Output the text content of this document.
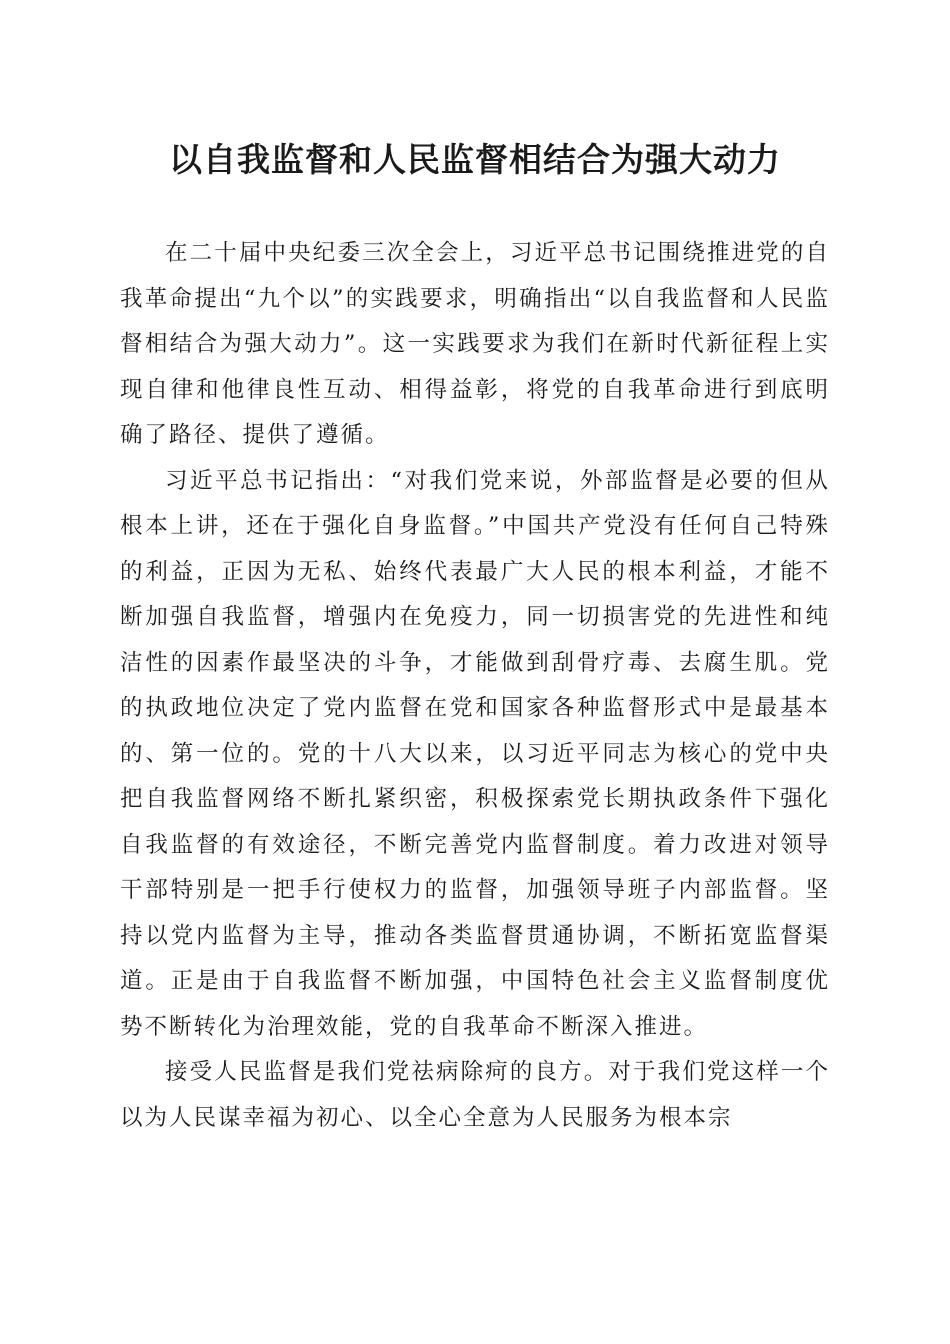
以自我监督和人民监督相结合为强大动力

在二十届中央纪委三次全会上，习近平总书记围绕推进党的自我革命提出“九个以”的实践要求，明确指出“以自我监督和人民监督相结合为强大动力”。这一实践要求为我们在新时代新征程上实现自律和他律良性互动、相得益彰，将党的自我革命进行到底明确了路径、提供了遵循。

习近平总书记指出：“对我们党来说，外部监督是必要的但从根本上讲，还在于强化自身监督。”中国共产党没有任何自己特殊的利益，正因为无私、始终代表最广大人民的根本利益，才能不断加强自我监督，增强内在免疫力，同一切损害党的先进性和纯洁性的因素作最坚决的斗争，才能做到刮骨疗毒、去腐生肌。党的执政地位决定了党内监督在党和国家各种监督形式中是最基本的、第一位的。党的十八大以来，以习近平同志为核心的党中央把自我监督网络不断扎紧织密，积极探索党长期执政条件下强化自我监督的有效途径，不断完善党内监督制度。着力改进对领导干部特别是一把手行使权力的监督，加强领导班子内部监督。坚持以党内监督为主导，推动各类监督贯通协调，不断拓宽监督渠道。正是由于自我监督不断加强，中国特色社会主义监督制度优势不断转化为治理效能，党的自我革命不断深入推进。

接受人民监督是我们党祛病除疴的良方。对于我们党这样一个以为人民谋幸福为初心、以全心全意为人民服务为根本宗
